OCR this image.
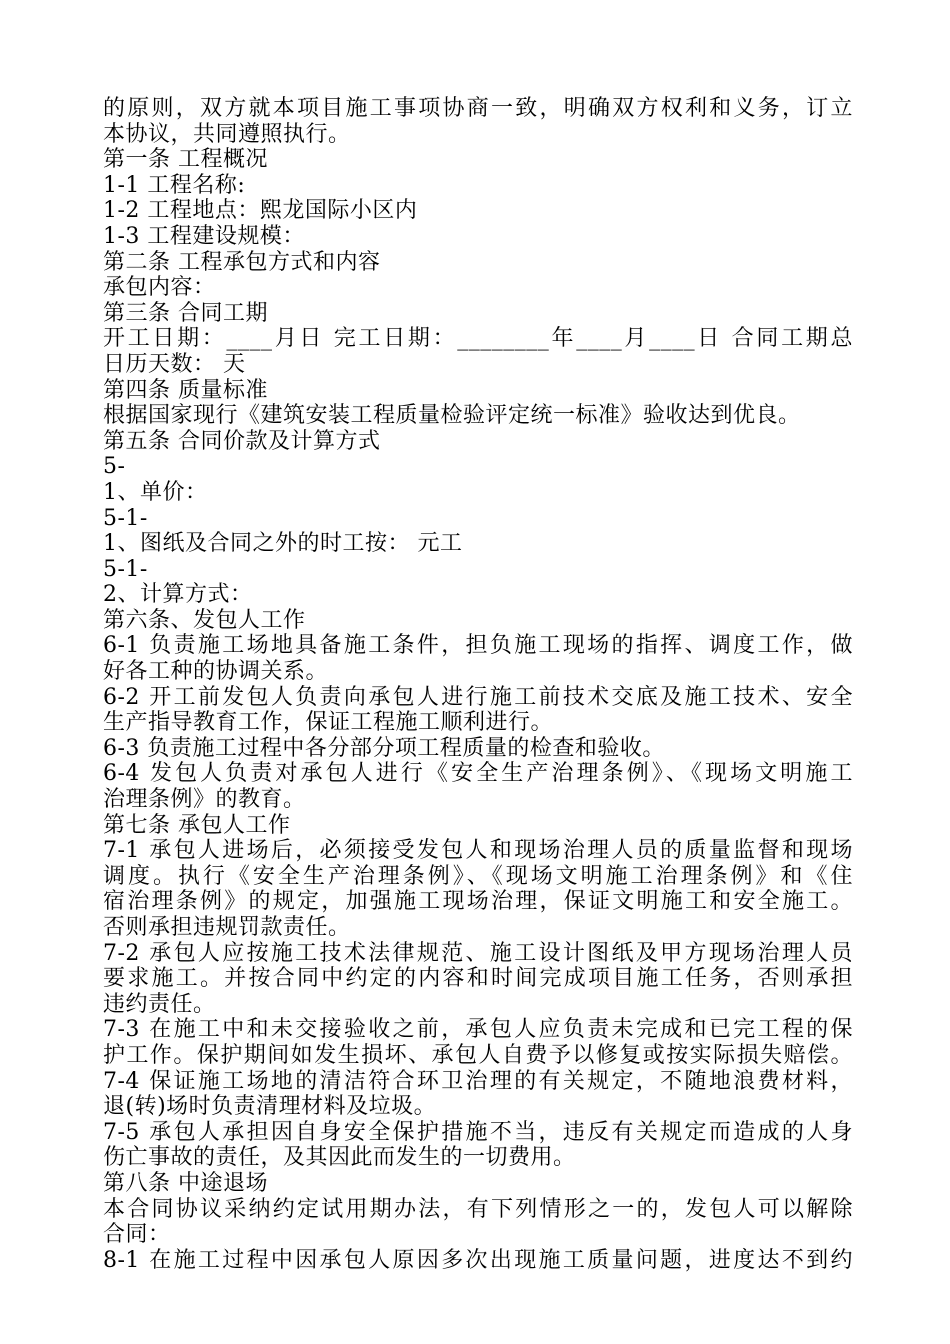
的原则，双方就本项目施工事项协商一致，明确双方权利和义务，订立
本协议，共同遵照执行。
第一条 工程概况
1-1 工程名称:
1-2 工程地点：熙龙国际小区内
1-3 工程建设规模：
第二条 工程承包方式和内容
承包内容：
第三条 合同工期
开工日期：____月日 完工日期：________年____月____日 合同工期总
日历天数： 天
第四条 质量标准
根据国家现行《建筑安装工程质量检验评定统一标准》验收达到优良。
第五条 合同价款及计算方式
5-
1、单价：
5-1-
1、图纸及合同之外的时工按： 元工
5-1-
2、计算方式：
第六条、发包人工作
6-1 负责施工场地具备施工条件，担负施工现场的指挥、调度工作，做
好各工种的协调关系。
6-2 开工前发包人负责向承包人进行施工前技术交底及施工技术、安全
生产指导教育工作，保证工程施工顺利进行。
6-3 负责施工过程中各分部分项工程质量的检查和验收。
6-4 发包人负责对承包人进行《安全生产治理条例》、《现场文明施工
治理条例》的教育。
第七条 承包人工作
7-1 承包人进场后，必须接受发包人和现场治理人员的质量监督和现场
调度。执行《安全生产治理条例》、《现场文明施工治理条例》和《住
宿治理条例》的规定，加强施工现场治理，保证文明施工和安全施工。
否则承担违规罚款责任。
7-2 承包人应按施工技术法律规范、施工设计图纸及甲方现场治理人员
要求施工。并按合同中约定的内容和时间完成项目施工任务，否则承担
违约责任。
7-3 在施工中和未交接验收之前，承包人应负责未完成和已完工程的保
护工作。保护期间如发生损坏、承包人自费予以修复或按实际损失赔偿。
7-4 保证施工场地的清洁符合环卫治理的有关规定，不随地浪费材料，
退(转)场时负责清理材料及垃圾。
7-5 承包人承担因自身安全保护措施不当，违反有关规定而造成的人身
伤亡事故的责任，及其因此而发生的一切费用。
第八条 中途退场
本合同协议采纳约定试用期办法，有下列情形之一的，发包人可以解除
合同：
8-1 在施工过程中因承包人原因多次出现施工质量问题，进度达不到约
